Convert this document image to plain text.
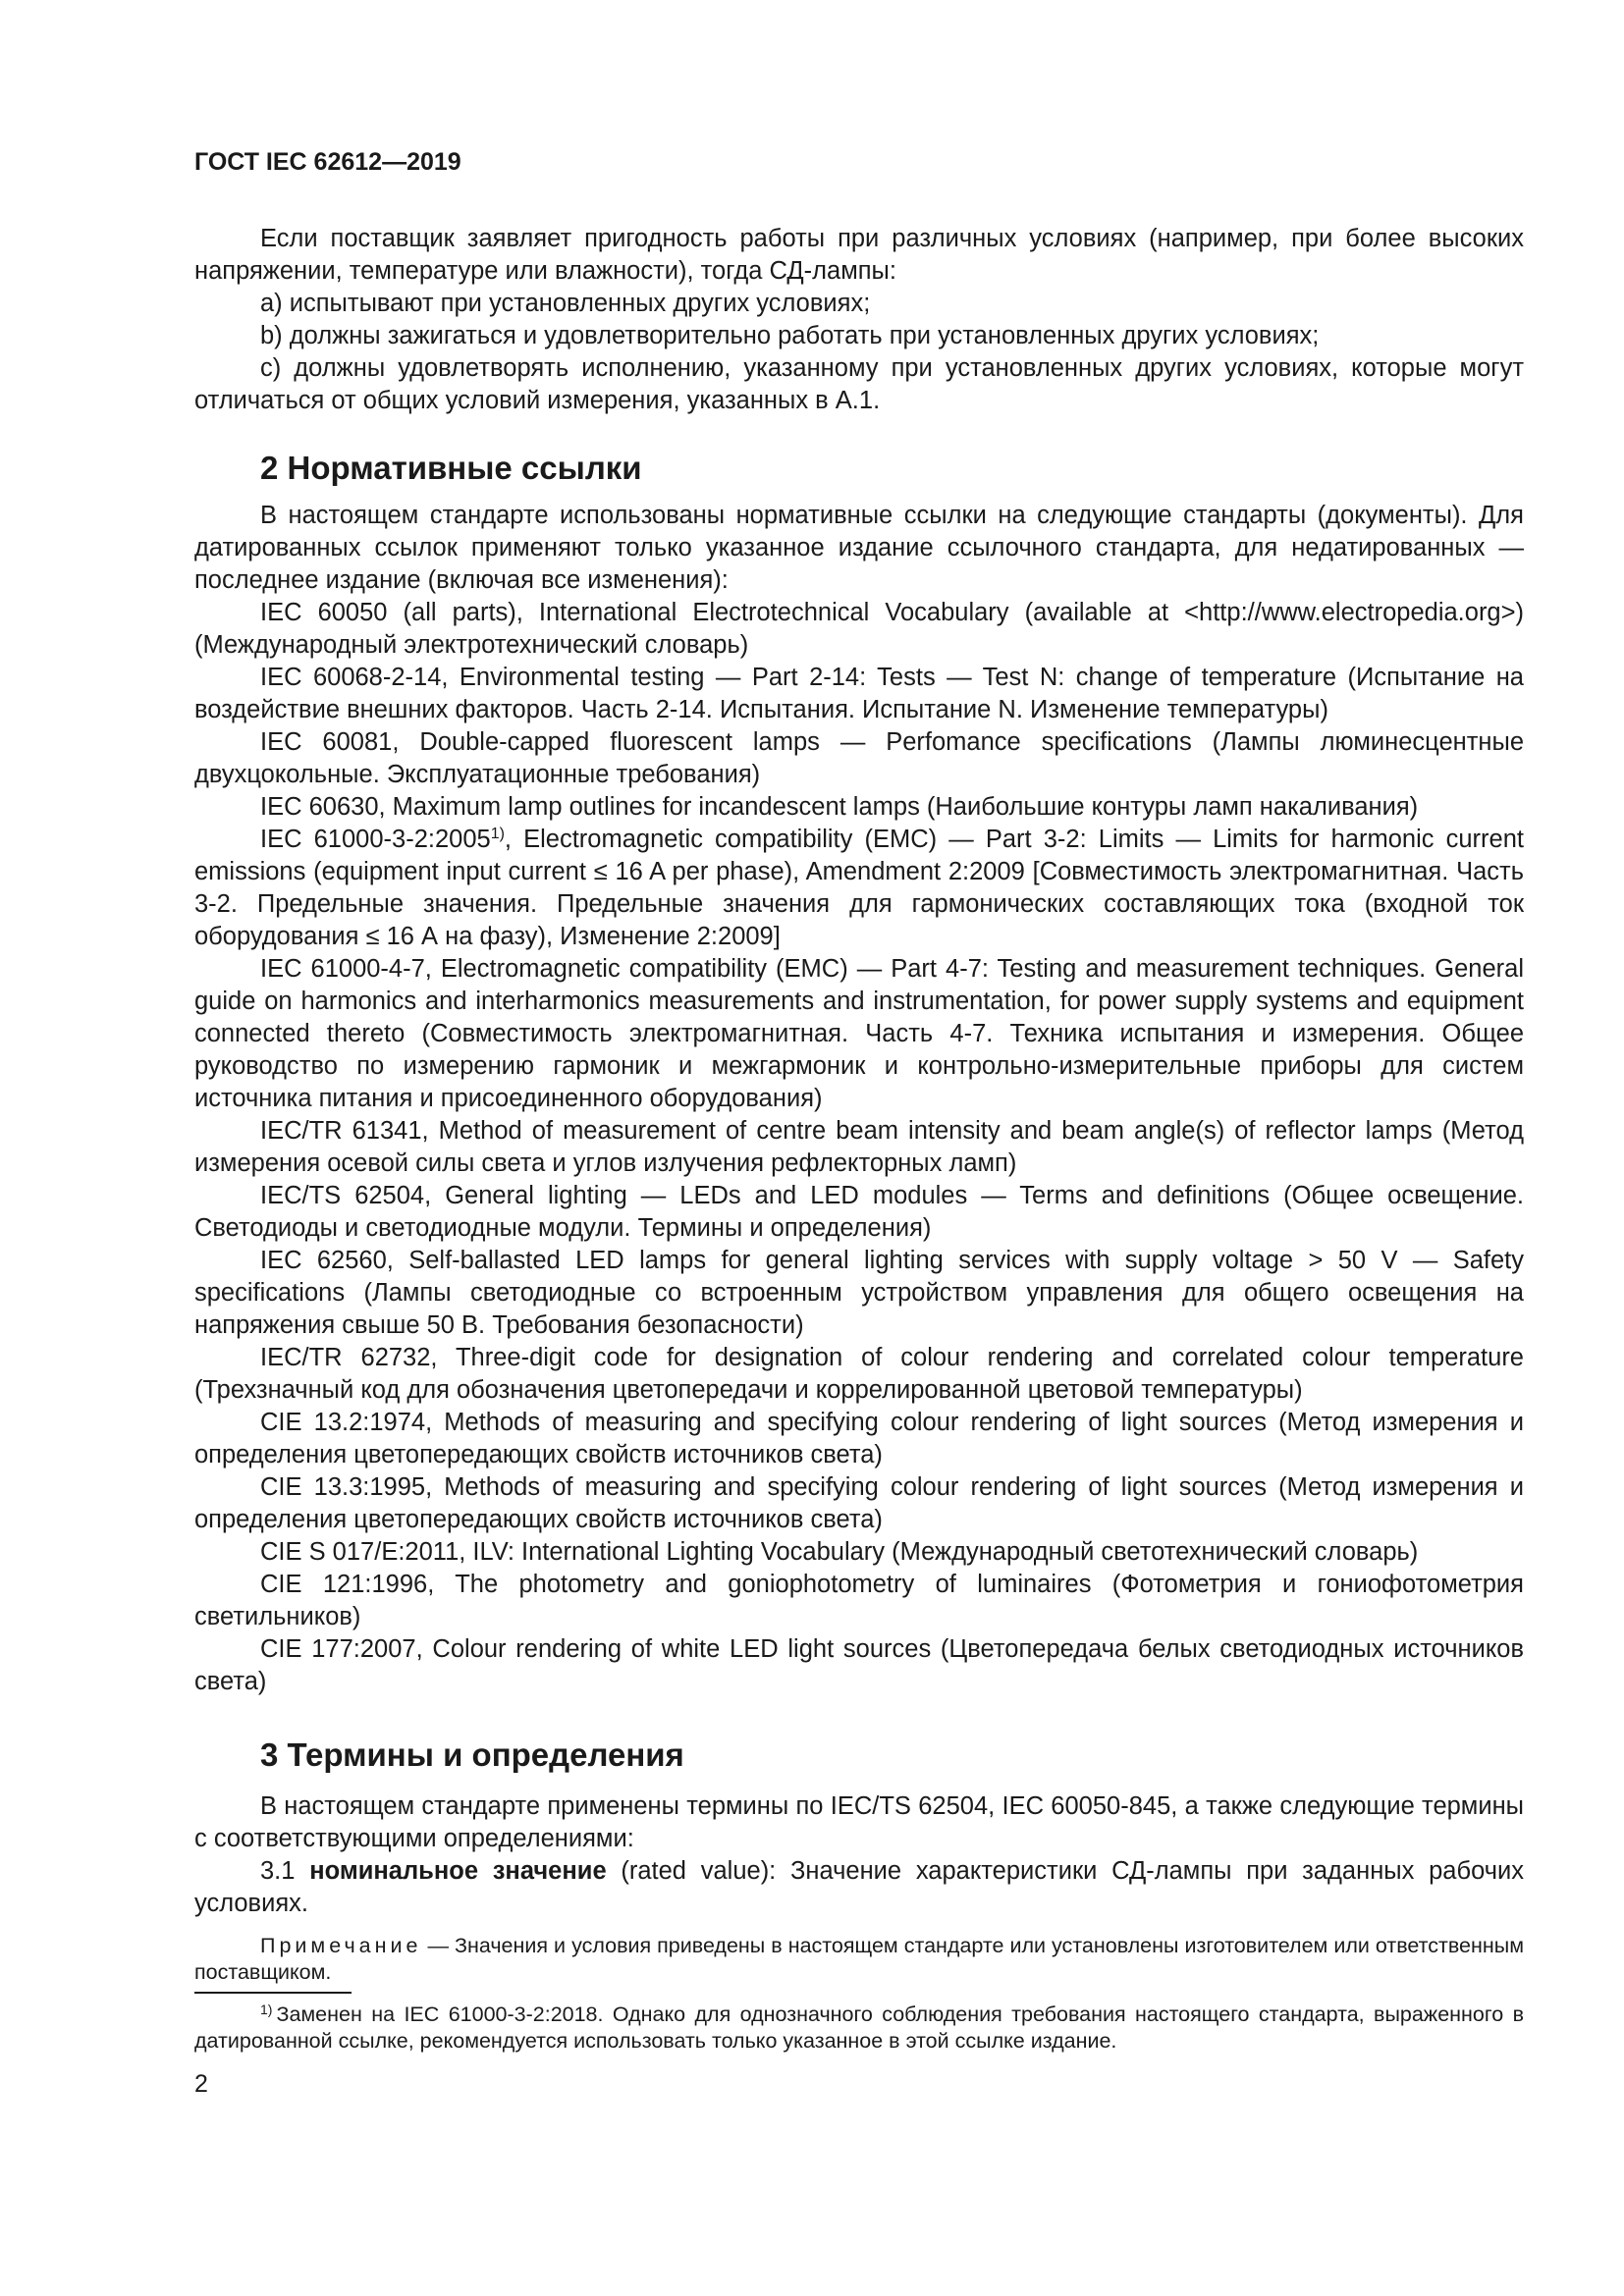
ГОСТ IEC 62612—2019

Если поставщик заявляет пригодность работы при различных условиях (например, при более высоких напряжении, температуре или влажности), тогда СД-лампы:

a) испытывают при установленных других условиях;

b) должны зажигаться и удовлетворительно работать при установленных других условиях;

c) должны удовлетворять исполнению, указанному при установленных других условиях, которые могут отличаться от общих условий измерения, указанных в А.1.

2 Нормативные ссылки

В настоящем стандарте использованы нормативные ссылки на следующие стандарты (документы). Для датированных ссылок применяют только указанное издание ссылочного стандарта, для недатированных — последнее издание (включая все изменения):

IEC 60050 (all parts), International Electrotechnical Vocabulary (available at <http://www.electropedia.org>) (Международный электротехнический словарь)

IEC 60068-2-14, Environmental testing — Part 2-14: Tests — Test N: change of temperature (Испытание на воздействие внешних факторов. Часть 2-14. Испытания. Испытание N. Изменение температуры)

IEC 60081, Double-capped fluorescent lamps — Perfomance specifications (Лампы люминесцентные двухцокольные. Эксплуатационные требования)

IEC 60630, Maximum lamp outlines for incandescent lamps (Наибольшие контуры ламп накаливания)

IEC 61000-3-2:2005$^{1)}$, Electromagnetic compatibility (EMC) — Part 3-2: Limits — Limits for harmonic current emissions (equipment input current ≤ 16 A per phase), Amendment 2:2009 [Совместимость электромагнитная. Часть 3-2. Предельные значения. Предельные значения для гармонических составляющих тока (входной ток оборудования ≤ 16 А на фазу), Изменение 2:2009]

IEC 61000-4-7, Electromagnetic compatibility (EMC) — Part 4-7: Testing and measurement techniques. General guide on harmonics and interharmonics measurements and instrumentation, for power supply systems and equipment connected thereto (Совместимость электромагнитная. Часть 4-7. Техника испытания и измерения. Общее руководство по измерению гармоник и межгармоник и контрольно-измерительные приборы для систем источника питания и присоединенного оборудования)

IEC/TR 61341, Method of measurement of centre beam intensity and beam angle(s) of reflector lamps (Метод измерения осевой силы света и углов излучения рефлекторных ламп)

IEC/TS 62504, General lighting — LEDs and LED modules — Terms and definitions (Общее освещение. Светодиоды и светодиодные модули. Термины и определения)

IEC 62560, Self-ballasted LED lamps for general lighting services with supply voltage > 50 V — Safety specifications (Лампы светодиодные со встроенным устройством управления для общего освещения на напряжения свыше 50 В. Требования безопасности)

IEC/TR 62732, Three-digit code for designation of colour rendering and correlated colour temperature (Трехзначный код для обозначения цветопередачи и коррелированной цветовой температуры)

CIE 13.2:1974, Methods of measuring and specifying colour rendering of light sources (Метод измерения и определения цветопередающих свойств источников света)

CIE 13.3:1995, Methods of measuring and specifying colour rendering of light sources (Метод измерения и определения цветопередающих свойств источников света)

CIE S 017/E:2011, ILV: International Lighting Vocabulary (Международный светотехнический словарь)

CIE 121:1996, The photometry and goniophotometry of luminaires (Фотометрия и гониофотометрия светильников)

CIE 177:2007, Colour rendering of white LED light sources (Цветопередача белых светодиодных источников света)

3 Термины и определения

В настоящем стандарте применены термины по IEC/TS 62504, IEC 60050-845, а также следующие термины с соответствующими определениями:

3.1 номинальное значение (rated value): Значение характеристики СД-лампы при заданных рабочих условиях.

Примечание — Значения и условия приведены в настоящем стандарте или установлены изготовителем или ответственным поставщиком.
$^{1)}$ Заменен на IEC 61000-3-2:2018. Однако для однозначного соблюдения требования настоящего стандарта, выраженного в датированной ссылке, рекомендуется использовать только указанное в этой ссылке издание.
2
